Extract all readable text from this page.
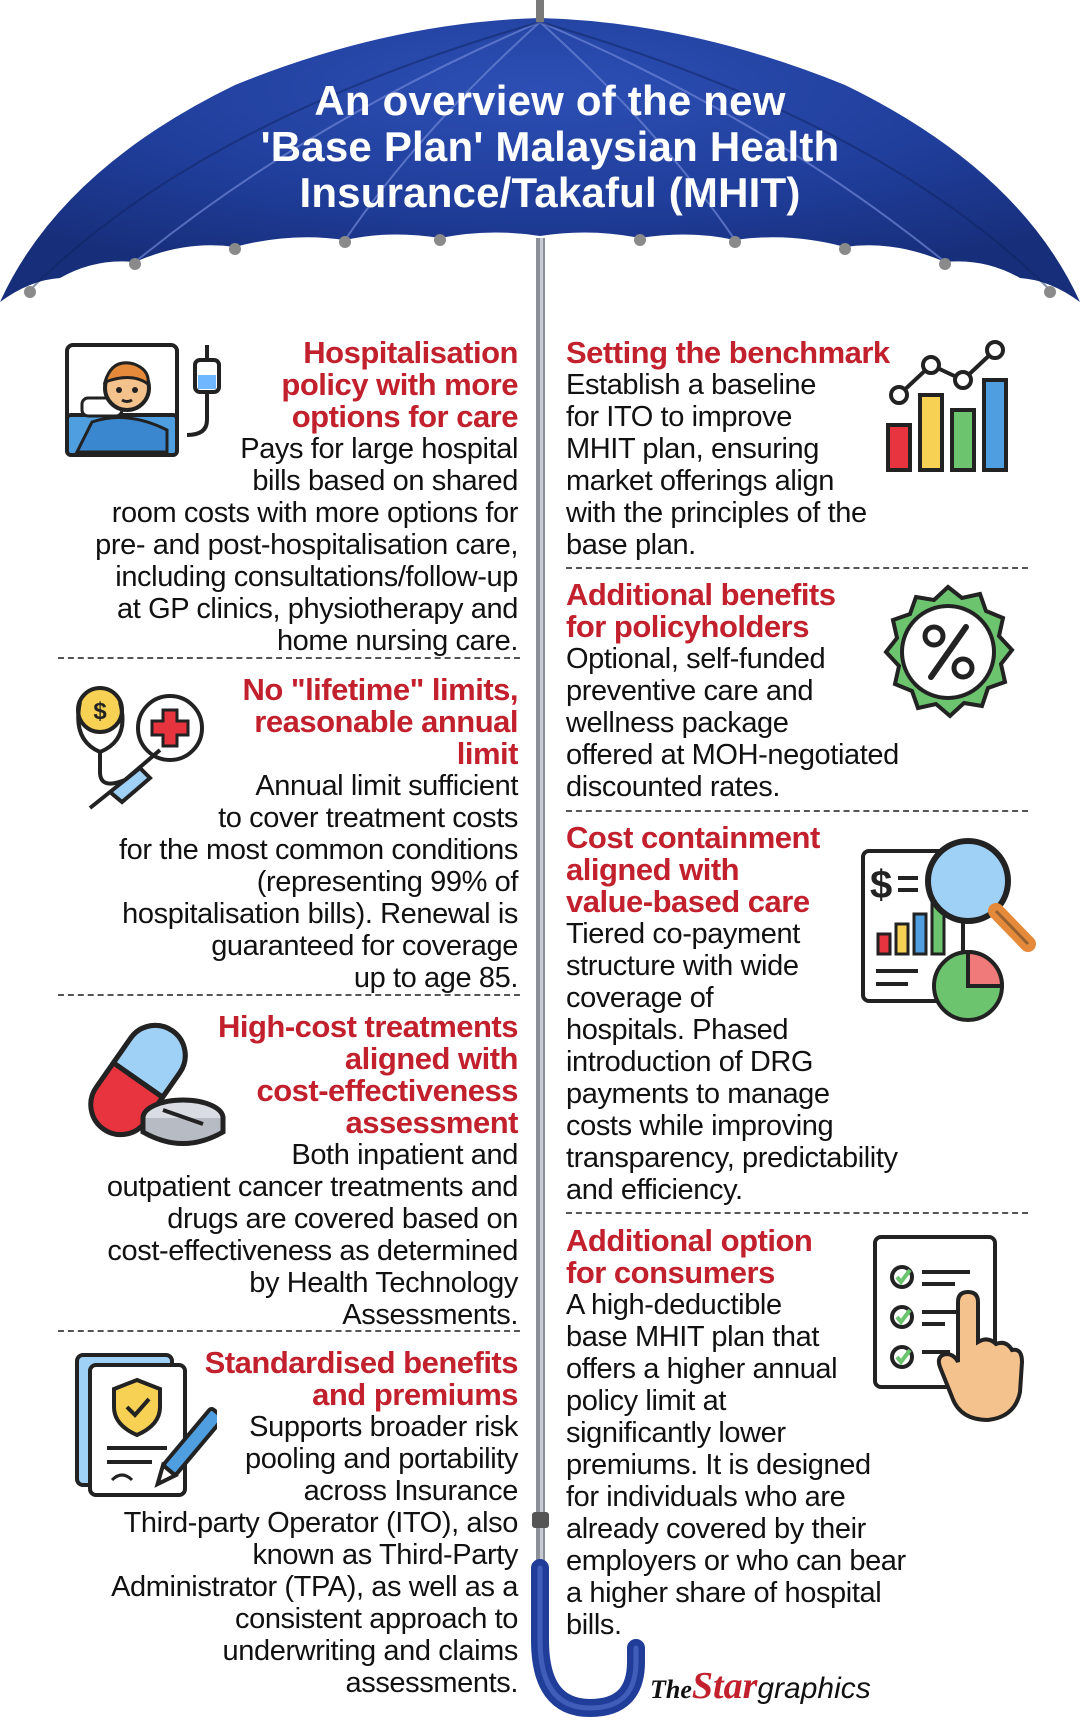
An overview of the new
'Base Plan' Malaysian Health
Insurance/Takaful (MHIT)
Hospitalisation
policy with more
options for care
Pays for large hospital
bills based on shared
room costs with more options for
pre- and post-hospitalisation care,
including consultations/follow-up
at GP clinics, physiotherapy and
home nursing care.
No "lifetime" limits,
reasonable annual
limit
Annual limit sufficient
to cover treatment costs
for the most common conditions
(representing 99% of
hospitalisation bills). Renewal is
guaranteed for coverage
up to age 85.
$
High-cost treatments
aligned with
cost-effectiveness
assessment
Both inpatient and
outpatient cancer treatments and
drugs are covered based on
cost-effectiveness as determined
by Health Technology
Assessments.
Standardised benefits
and premiums
Supports broader risk
pooling and portability
across Insurance
Third-party Operator (ITO), also
known as Third-Party
Administrator (TPA), as well as a
consistent approach to
underwriting and claims
assessments.
Setting the benchmark
Establish a baseline
for ITO to improve
MHIT plan, ensuring
market offerings align
with the principles of the
base plan.
Additional benefits
for policyholders
Optional, self-funded
preventive care and
wellness package
offered at MOH-negotiated
discounted rates.
Cost containment
aligned with
value-based care
Tiered co-payment
structure with wide
coverage of
hospitals. Phased
introduction of DRG
payments to manage
costs while improving
transparency, predictability
and efficiency.
$
Additional option
for consumers
A high-deductible
base MHIT plan that
offers a higher annual
policy limit at
significantly lower
premiums. It is designed
for individuals who are
already covered by their
employers or who can bear
a higher share of hospital
bills.
TheStargraphics
